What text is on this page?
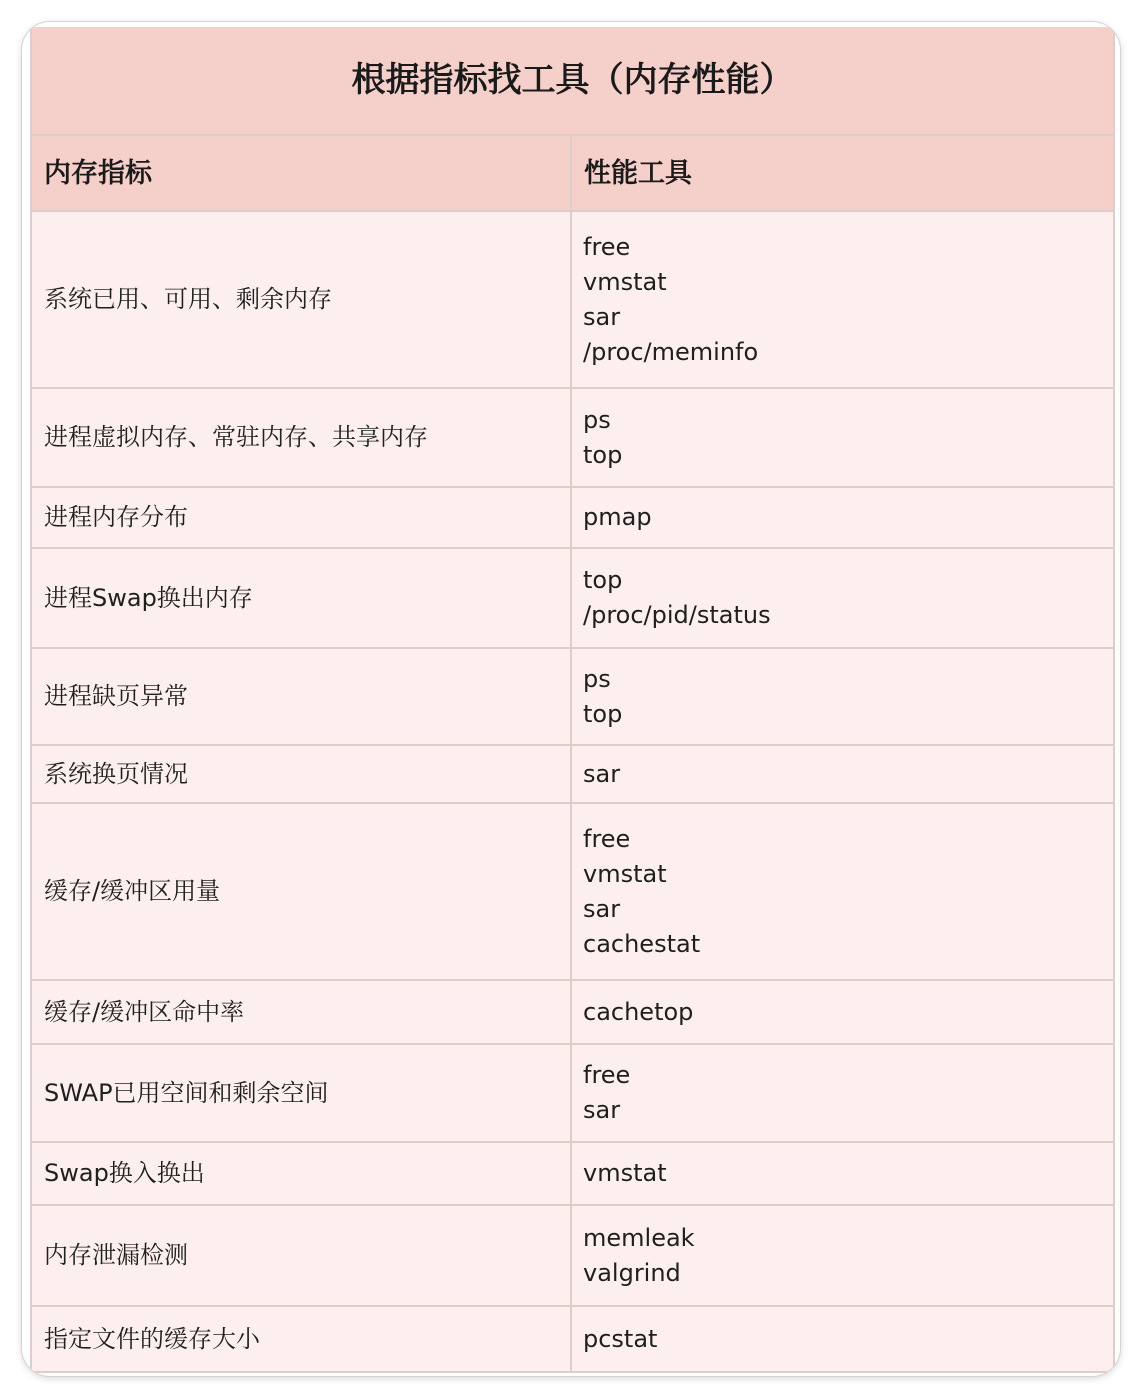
根据指标找工具（内存性能）	
内存指标	性能工具
系统已用、可用、剩余内存	free
vmstat
sar
/proc/meminfo

进程虚拟内存、常驻内存、共享内存	ps
top

进程内存分布	pmap

进程Swap换出内存	top
/proc/pid/status

进程缺页异常	ps
top

系统换页情况	sar

缓存/缓冲区用量	free
vmstat
sar
cachestat

缓存/缓冲区命中率	cachetop

SWAP已用空间和剩余空间	free
sar

Swap换入换出	vmstat

内存泄漏检测	memleak
valgrind

指定文件的缓存大小	pcstat
